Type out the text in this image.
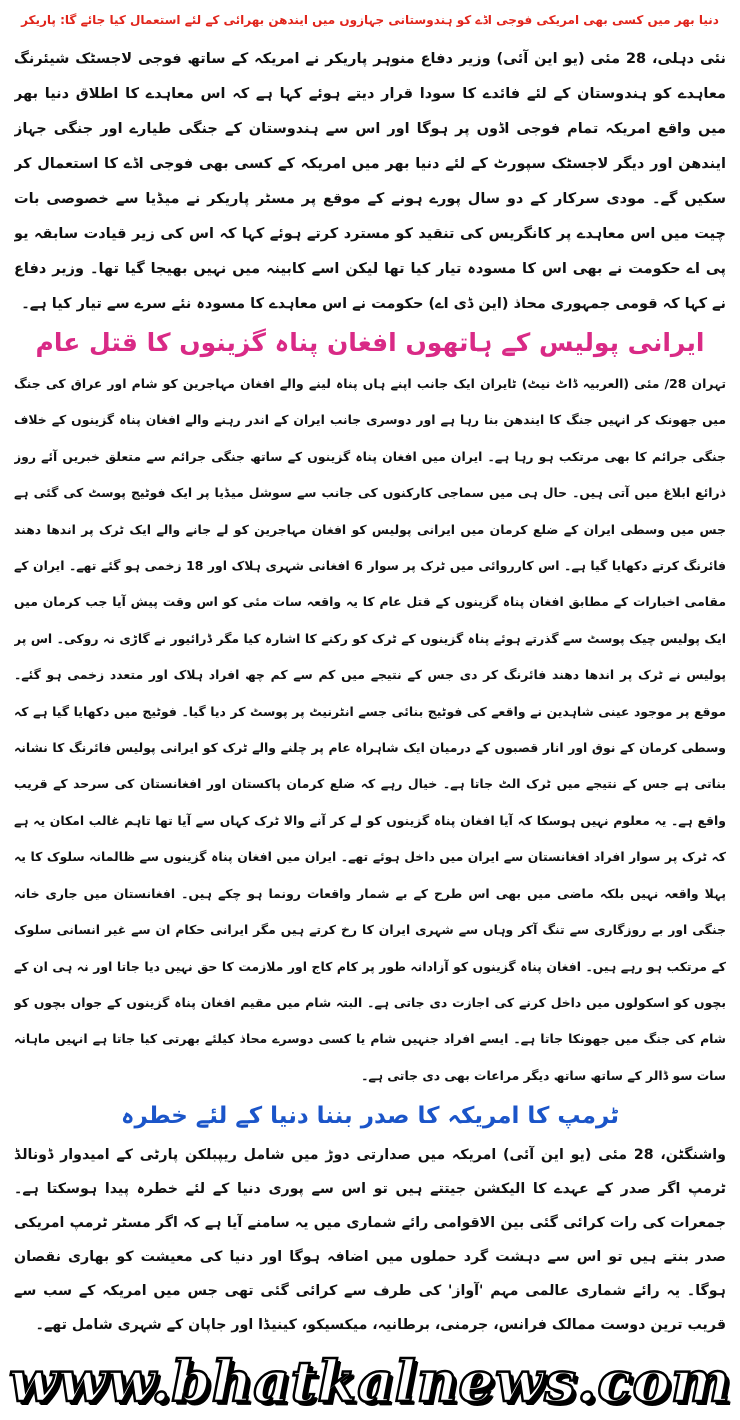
دنیا بھر میں کسی بھی امریکی فوجی اڈے کو ہندوستانی جہازوں میں ایندھن بھرائی کے لئے استعمال کیا جائے گا: پاریکر

نئی دہلی، 28 مئی (یو این آئی) وزیر دفاع منوہر پاریکر نے امریکہ کے ساتھ فوجی لاجسٹک شیئرنگ معاہدے کو ہندوستان کے لئے فائدے کا سودا قرار دیتے ہوئے کہا ہے کہ اس معاہدے کا اطلاق دنیا بھر میں واقع امریکہ تمام فوجی اڈوں پر ہوگا اور اس سے ہندوستان کے جنگی طیارے اور جنگی جہاز ایندھن اور دیگر لاجسٹک سپورٹ کے لئے دنیا بھر میں امریکہ کے کسی بھی فوجی اڈے کا استعمال کر سکیں گے۔ مودی سرکار کے دو سال پورے ہونے کے موقع پر مسٹر پاریکر نے میڈیا سے خصوصی بات چیت میں اس معاہدے پر کانگریس کی تنقید کو مسترد کرتے ہوئے کہا کہ اس کی زیر قیادت سابقہ یو پی اے حکومت نے بھی اس کا مسودہ تیار کیا تھا لیکن اسے کابینہ میں نہیں بھیجا گیا تھا۔ وزیر دفاع نے کہا کہ قومی جمہوری محاذ (این ڈی اے) حکومت نے اس معاہدے کا مسودہ نئے سرے سے تیار کیا ہے۔

ایرانی پولیس کے ہاتھوں افغان پناہ گزینوں کا قتل عام

تہران 28/ مئی (العربیہ ڈاٹ نیٹ) ٹایران ایک جانب اپنے ہاں پناہ لینے والے افغان مہاجرین کو شام اور عراق کی جنگ میں جھونک کر انہیں جنگ کا ایندھن بنا رہا ہے اور دوسری جانب ایران کے اندر رہنے والے افغان پناہ گزینوں کے خلاف جنگی جرائم کا بھی مرتکب ہو رہا ہے۔ ایران میں افغان پناہ گزینوں کے ساتھ جنگی جرائم سے متعلق خبریں آئے روز ذرائع ابلاغ میں آتی ہیں۔ حال ہی میں سماجی کارکنوں کی جانب سے سوشل میڈیا پر ایک فوٹیج پوسٹ کی گئی ہے جس میں وسطی ایران کے ضلع کرمان میں ایرانی پولیس کو افغان مہاجرین کو لے جانے والے ایک ٹرک پر اندھا دھند فائرنگ کرتے دکھایا گیا ہے۔ اس کارروائی میں ٹرک پر سوار 6 افغانی شہری ہلاک اور 18 زخمی ہو گئے تھے۔ ایران کے مقامی اخبارات کے مطابق افغان پناہ گزینوں کے قتل عام کا یہ واقعہ سات مئی کو اس وقت پیش آیا جب کرمان میں ایک پولیس چیک پوسٹ سے گذرتے ہوئے پناہ گزینوں کے ٹرک کو رکنے کا اشارہ کیا مگر ڈرائیور نے گاڑی نہ روکی۔ اس پر پولیس نے ٹرک پر اندھا دھند فائرنگ کر دی جس کے نتیجے میں کم سے کم چھ افراد ہلاک اور متعدد زخمی ہو گئے۔ موقع پر موجود عینی شاہدین نے واقعے کی فوٹیج بنائی جسے انٹرنیٹ پر پوسٹ کر دیا گیا۔ فوٹیج میں دکھایا گیا ہے کہ وسطی کرمان کے نوق اور انار قصبوں کے درمیان ایک شاہراہ عام پر چلنے والے ٹرک کو ایرانی پولیس فائرنگ کا نشانہ بناتی ہے جس کے نتیجے میں ٹرک الٹ جاتا ہے۔ خیال رہے کہ ضلع کرمان پاکستان اور افغانستان کی سرحد کے قریب واقع ہے۔ یہ معلوم نہیں ہوسکا کہ آیا افغان پناہ گزینوں کو لے کر آنے والا ٹرک کہاں سے آیا تھا تاہم غالب امکان یہ ہے کہ ٹرک پر سوار افراد افغانستان سے ایران میں داخل ہوئے تھے۔ ایران میں افغان پناہ گزینوں سے ظالمانہ سلوک کا یہ پہلا واقعہ نہیں بلکہ ماضی میں بھی اس طرح کے بے شمار واقعات رونما ہو چکے ہیں۔ افغانستان میں جاری خانہ جنگی اور بے روزگاری سے تنگ آکر وہاں سے شہری ایران کا رخ کرتے ہیں مگر ایرانی حکام ان سے غیر انسانی سلوک کے مرتکب ہو رہے ہیں۔ افغان پناہ گزینوں کو آزادانہ طور پر کام کاج اور ملازمت کا حق نہیں دیا جاتا اور نہ ہی ان کے بچوں کو اسکولوں میں داخل کرنے کی اجازت دی جاتی ہے۔ البتہ شام میں مقیم افغان پناہ گزینوں کے جواں بچوں کو شام کی جنگ میں جھونکا جاتا ہے۔ ایسے افراد جنہیں شام یا کسی دوسرے محاذ کیلئے بھرتی کیا جاتا ہے انہیں ماہانہ سات سو ڈالر کے ساتھ ساتھ دیگر مراعات بھی دی جاتی ہے۔

ٹرمپ کا امریکہ کا صدر بننا دنیا کے لئے خطرہ

واشنگٹن، 28 مئی (یو این آئی) امریکہ میں صدارتی دوڑ میں شامل ریپبلکن پارٹی کے امیدوار ڈونالڈ ٹرمپ اگر صدر کے عہدے کا الیکشن جیتتے ہیں تو اس سے پوری دنیا کے لئے خطرہ پیدا ہوسکتا ہے۔ جمعرات کی رات کرائی گئی بین الاقوامی رائے شماری میں یہ سامنے آیا ہے کہ اگر مسٹر ٹرمپ امریکی صدر بنتے ہیں تو اس سے دہشت گرد حملوں میں اضافہ ہوگا اور دنیا کی معیشت کو بھاری نقصان ہوگا۔ یہ رائے شماری عالمی مہم 'آواز' کی طرف سے کرائی گئی تھی جس میں امریکہ کے سب سے قریب ترین دوست ممالک فرانس، جرمنی، برطانیہ، میکسیکو، کینیڈا اور جاپان کے شہری شامل تھے۔

www.bhatkalnews.com
